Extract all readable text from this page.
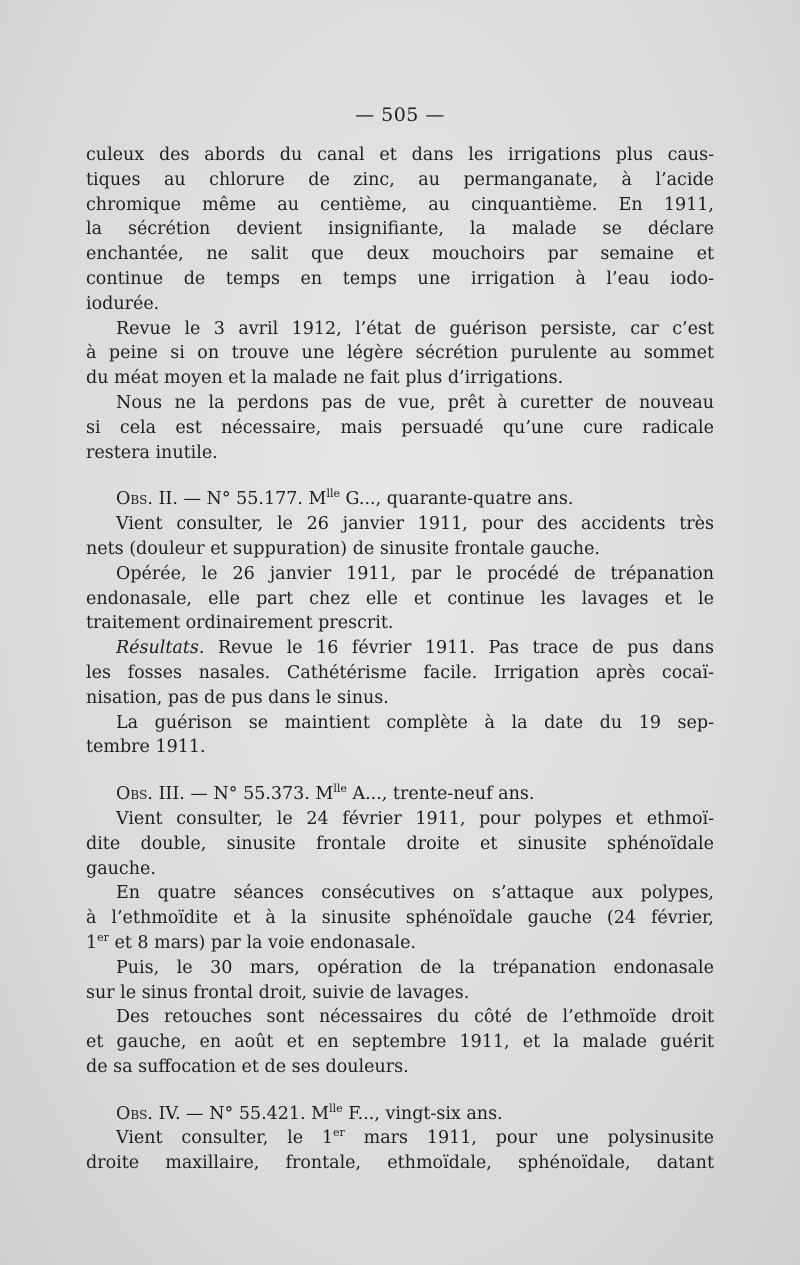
— 505 —

culeux des abords du canal et dans les irrigations plus caus-
tiques au chlorure de zinc, au permanganate, à l’acide
chromique même au centième, au cinquantième. En 1911,
la sécrétion devient insignifiante, la malade se déclare
enchantée, ne salit que deux mouchoirs par semaine et
continue de temps en temps une irrigation à l’eau iodo-
iodurée.

Revue le 3 avril 1912, l’état de guérison persiste, car c’est
à peine si on trouve une légère sécrétion purulente au sommet
du méat moyen et la malade ne fait plus d’irrigations.

Nous ne la perdons pas de vue, prêt à curetter de nouveau
si cela est nécessaire, mais persuadé qu’une cure radicale
restera inutile.

Obs. II. — N° 55.177. $M^{lle}$ G..., quarante-quatre ans.

Vient consulter, le 26 janvier 1911, pour des accidents très
nets (douleur et suppuration) de sinusite frontale gauche.

Opérée, le 26 janvier 1911, par le procédé de trépanation
endonasale, elle part chez elle et continue les lavages et le
traitement ordinairement prescrit.

Résultats. Revue le 16 février 1911. Pas trace de pus dans
les fosses nasales. Cathétérisme facile. Irrigation après cocaï-
nisation, pas de pus dans le sinus.

La guérison se maintient complète à la date du 19 sep-
tembre 1911.

Obs. III. — N° 55.373. $M^{lle}$ A..., trente-neuf ans.

Vient consulter, le 24 février 1911, pour polypes et ethmoï-
dite double, sinusite frontale droite et sinusite sphénoïdale
gauche.

En quatre séances consécutives on s’attaque aux polypes,
à l’ethmoïdite et à la sinusite sphénoïdale gauche (24 février,
1er et 8 mars) par la voie endonasale.

Puis, le 30 mars, opération de la trépanation endonasale
sur le sinus frontal droit, suivie de lavages.

Des retouches sont nécessaires du côté de l’ethmoïde droit
et gauche, en août et en septembre 1911, et la malade guérit
de sa suffocation et de ses douleurs.

Obs. IV. — N° 55.421. $M^{lle}$ F..., vingt-six ans.

Vient consulter, le 1er mars 1911, pour une polysinusite
droite maxillaire, frontale, ethmoïdale, sphénoïdale, datant
